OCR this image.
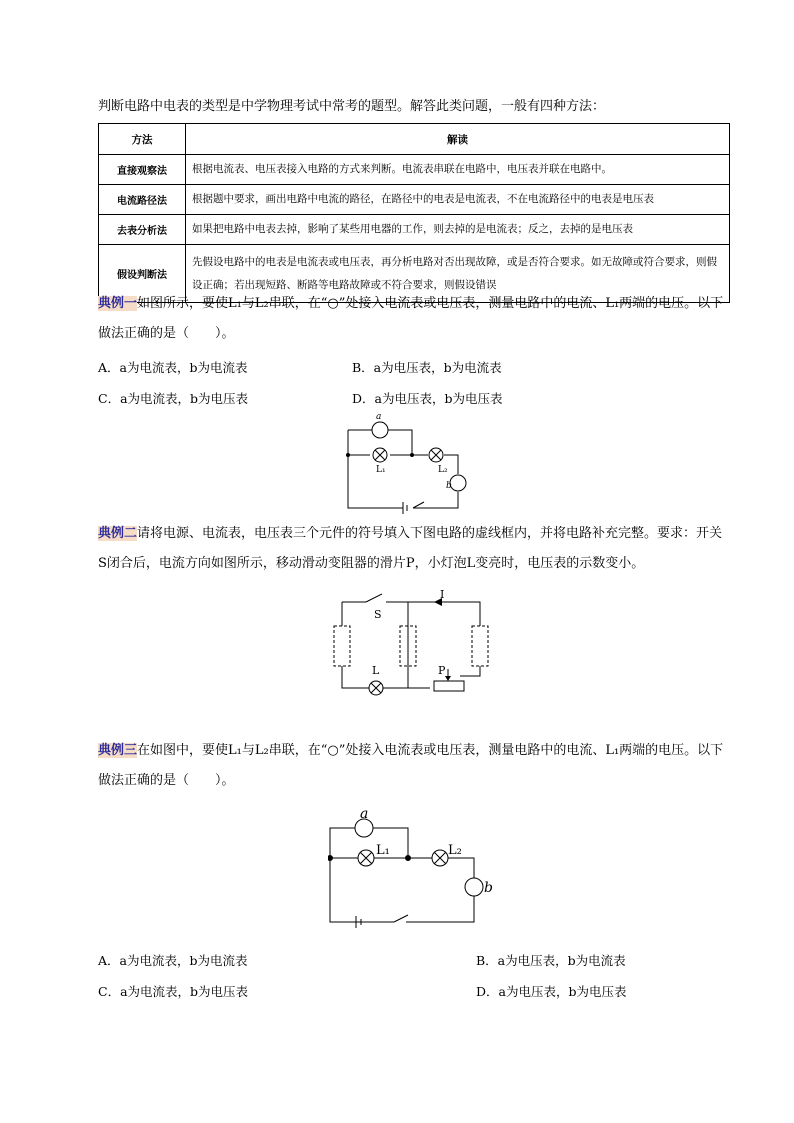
判断电路中电表的类型是中学物理考试中常考的题型。解答此类问题，一般有四种方法：
方法	解读
直接观察法	根据电流表、电压表接入电路的方式来判断。电流表串联在电路中，电压表并联在电路中。
电流路径法	根据题中要求，画出电路中电流的路径，在路径中的电表是电流表，不在电流路径中的电表是电压表
去表分析法	如果把电路中电表去掉，影响了某些用电器的工作，则去掉的是电流表；反之，去掉的是电压表
假设判断法	先假设电路中的电表是电流表或电压表，再分析电路对否出现故障，或是否符合要求。如无故障或符合要求，则假设正确；若出现短路、断路等电路故障或不符合要求，则假设错误
典例一如图所示，要使L₁与L₂串联，在“○”处接入电流表或电压表，测量电路中的电流、L₁两端的电压。以下做法正确的是（　　）。
A．a为电流表，b为电流表	B．a为电压表，b为电流表
C．a为电流表，b为电压表	D．a为电压表，b为电压表
a
L₁	L₂
b
典例二请将电源、电流表，电压表三个元件的符号填入下图电路的虚线框内，并将电路补充完整。要求：开关S闭合后，电流方向如图所示，移动滑动变阻器的滑片P，小灯泡L变亮时，电压表的示数变小。
S
I
L	P
典例三在如图中，要使L₁与L₂串联，在“○”处接入电流表或电压表，测量电路中的电流、L₁两端的电压。以下做法正确的是（　　）。
a
L₁	L₂
b
A．a为电流表，b为电流表	B．a为电压表，b为电流表
C．a为电流表，b为电压表	D．a为电压表，b为电压表
